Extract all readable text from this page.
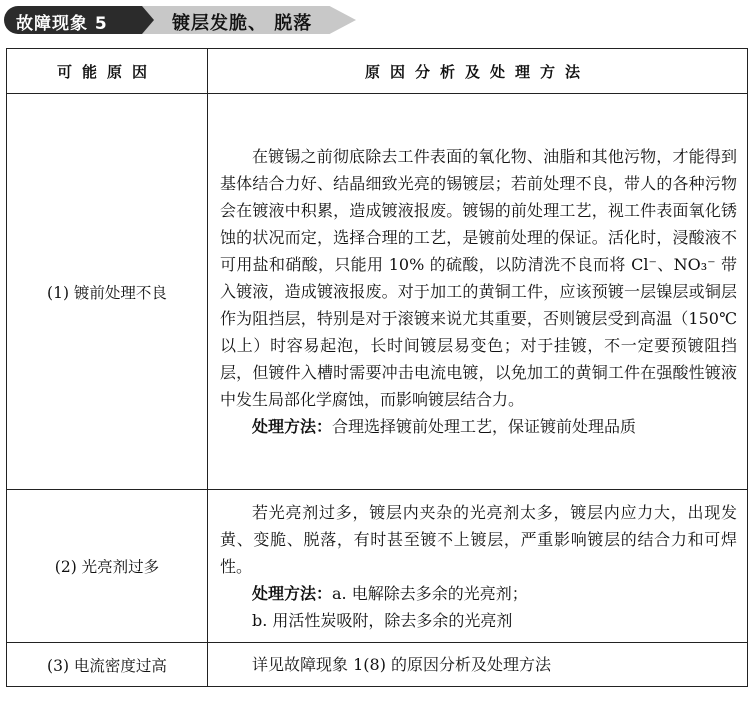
故障现象 5	镀层发脆、 脱落
可能原因	原因分析及处理方法
(1) 镀前处理不良	在镀锡之前彻底除去工件表面的氧化物、油脂和其他污物，才能得到基体结合力好、结晶细致光亮的锡镀层；若前处理不良，带人的各种污物会在镀液中积累，造成镀液报废。镀锡的前处理工艺，视工件表面氧化锈蚀的状况而定，选择合理的工艺，是镀前处理的保证。活化时，浸酸液不可用盐和硝酸，只能用 10% 的硫酸，以防清洗不良而将 Cl⁻、NO₃⁻ 带入镀液，造成镀液报废。对于加工的黄铜工件，应该预镀一层镍层或铜层作为阻挡层，特别是对于滚镀来说尤其重要，否则镀层受到高温（150℃以上）时容易起泡，长时间镀层易变色；对于挂镀，不一定要预镀阻挡层，但镀件入槽时需要冲击电流电镀，以免加工的黄铜工件在强酸性镀液中发生局部化学腐蚀，而影响镀层结合力。
处理方法：合理选择镀前处理工艺，保证镀前处理品质

(2) 光亮剂过多	若光亮剂过多，镀层内夹杂的光亮剂太多，镀层内应力大，出现发黄、变脆、脱落，有时甚至镀不上镀层，严重影响镀层的结合力和可焊性。
处理方法：a. 电解除去多余的光亮剂；
b. 用活性炭吸附，除去多余的光亮剂

(3) 电流密度过高	详见故障现象 1(8) 的原因分析及处理方法
